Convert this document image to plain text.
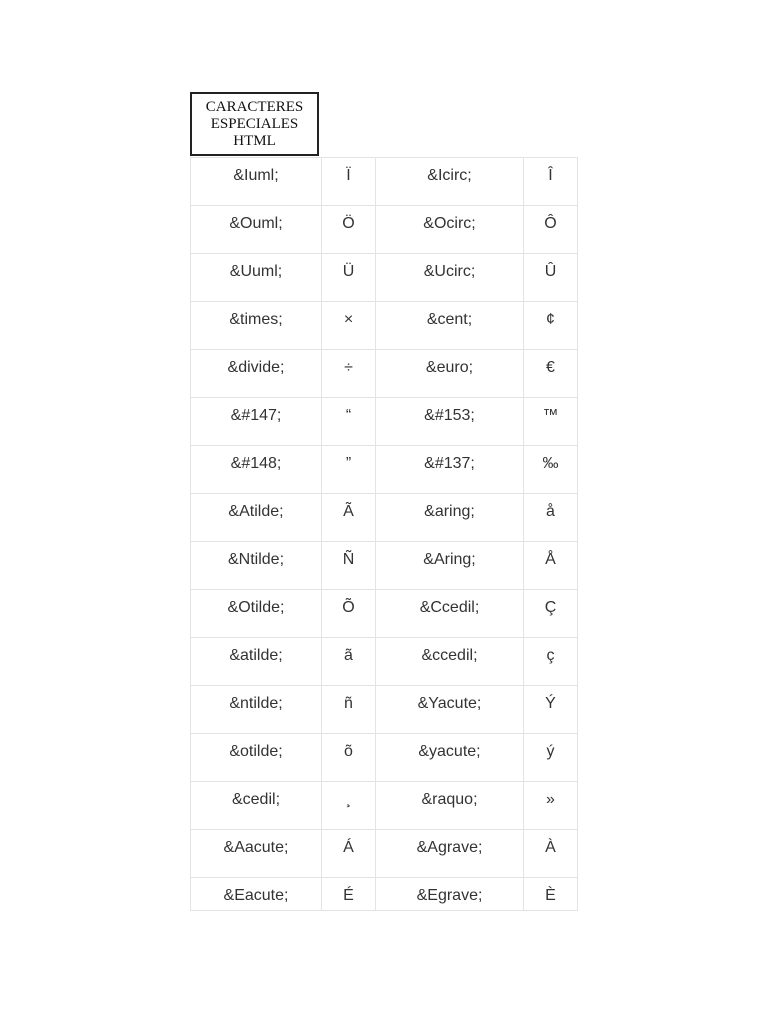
CARACTERES
ESPECIALES
HTML
&Iuml;	Ï	&Icirc;	Î

&Ouml;	Ö	&Ocirc;	Ô

&Uuml;	Ü	&Ucirc;	Û

&times;	×	&cent;	¢

&divide;	÷	&euro;	€

&#147;	“	&#153;	™

&#148;	”	&#137;	‰

&Atilde;	Ã	&aring;	å

&Ntilde;	Ñ	&Aring;	Å

&Otilde;	Õ	&Ccedil;	Ç

&atilde;	ã	&ccedil;	ç

&ntilde;	ñ	&Yacute;	Ý

&otilde;	õ	&yacute;	ý

&cedil;	¸	&raquo;	»

&Aacute;	Á	&Agrave;	À

&Eacute;	É	&Egrave;	È
